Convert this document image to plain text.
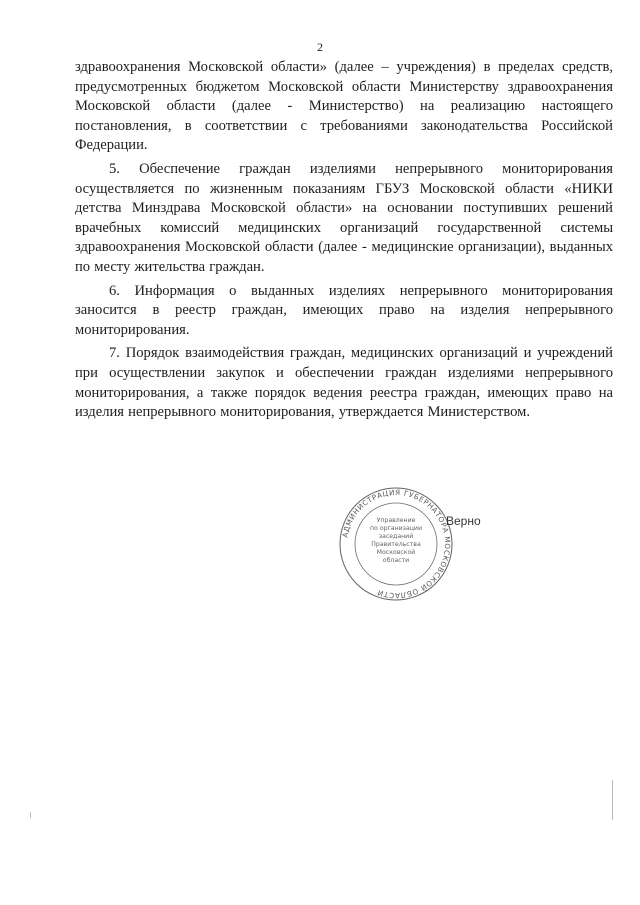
2

здравоохранения Московской области» (далее – учреждения) в пределах средств, предусмотренных бюджетом Московской области Министерству здравоохранения Московской области (далее - Министерство) на реализацию настоящего постановления, в соответствии с требованиями законодательства Российской Федерации.

5. Обеспечение граждан изделиями непрерывного мониторирования осуществляется по жизненным показаниям ГБУЗ Московской области «НИКИ детства Минздрава Московской области» на основании поступивших решений врачебных комиссий медицинских организаций государственной системы здравоохранения Московской области (далее - медицинские организации), выданных по месту жительства граждан.

6. Информация о выданных изделиях непрерывного мониторирования заносится в реестр граждан, имеющих право на изделия непрерывного мониторирования.

7. Порядок взаимодействия граждан, медицинских организаций и учреждений при осуществлении закупок и обеспечении граждан изделиями непрерывного мониторирования, а также порядок ведения реестра граждан, имеющих право на изделия непрерывного мониторирования, утверждается Министерством.

АДМИНИСТРАЦИЯ ГУБЕРНАТОРА МОСКОВСКОЙ ОБЛАСТИ
Управление
по организации
заседаний
Правительства
Московской
области
Верно
